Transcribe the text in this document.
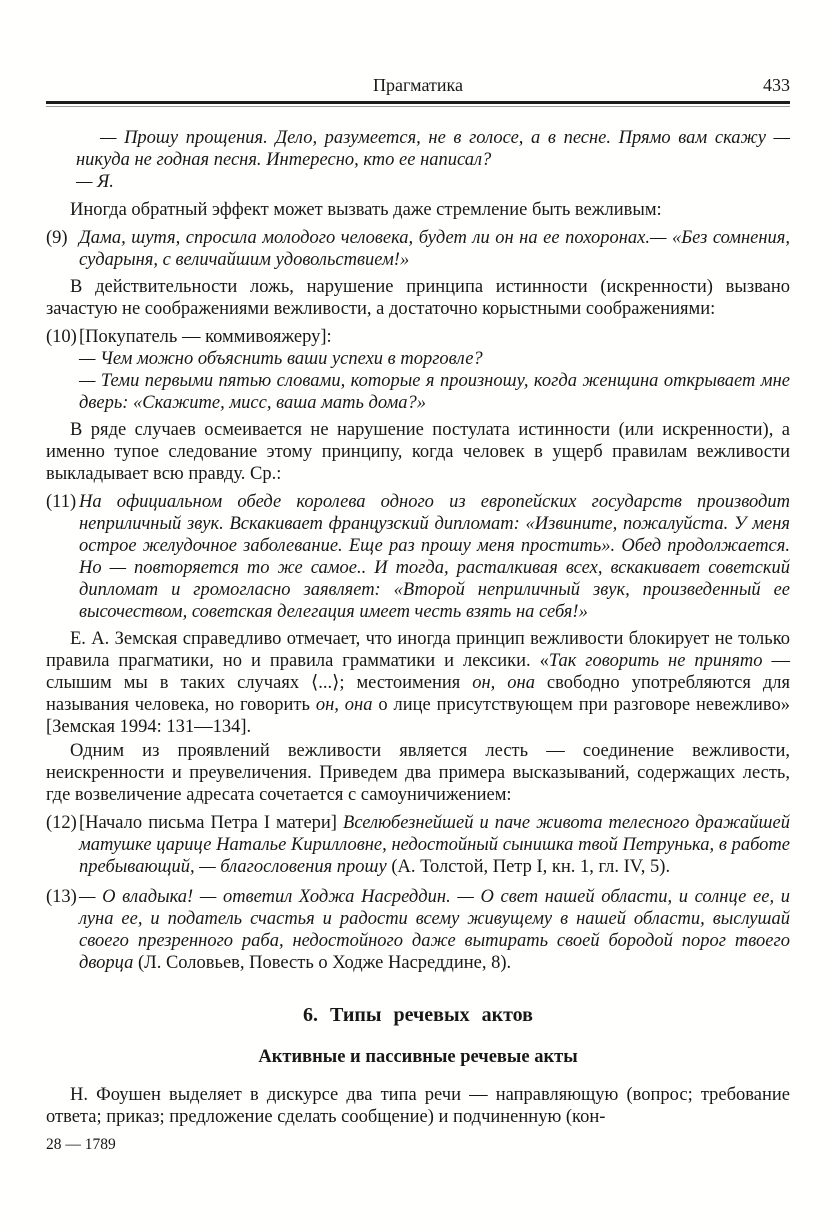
Прагматика	433

— Прошу прощения. Дело, разумеется, не в голосе, а в песне. Прямо вам скажу — никуда не годная песня. Интересно, кто ее написал?

— Я.

Иногда обратный эффект может вызвать даже стремление быть вежливым:

(9) Дама, шутя, спросила молодого человека, будет ли он на ее похоронах.— «Без сомнения, сударыня, с величайшим удовольствием!»

В действительности ложь, нарушение принципа истинности (искренности) вызвано зачастую не соображениями вежливости, а достаточно корыстными соображениями:

(10) [Покупатель — коммивояжеру]:

— Чем можно объяснить ваши успехи в торговле?

— Теми первыми пятью словами, которые я произношу, когда женщина открывает мне дверь: «Скажите, мисс, ваша мать дома?»

В ряде случаев осмеивается не нарушение постулата истинности (или искренности), а именно тупое следование этому принципу, когда человек в ущерб правилам вежливости выкладывает всю правду. Ср.:

(11) На официальном обеде королева одного из европейских государств производит неприличный звук. Вскакивает французский дипломат: «Извините, пожалуйста. У меня острое желудочное заболевание. Еще раз прошу меня простить». Обед продолжается. Но — повторяется то же самое.. И тогда, расталкивая всех, вскакивает советский дипломат и громогласно заявляет: «Второй неприличный звук, произведенный ее высочеством, советская делегация имеет честь взять на себя!»

Е. А. Земская справедливо отмечает, что иногда принцип вежливости блокирует не только правила прагматики, но и правила грамматики и лексики. «Так говорить не принято — слышим мы в таких случаях ⟨...⟩; местоимения он, она свободно употребляются для называния человека, но говорить он, она о лице присутствующем при разговоре невежливо» [Земская 1994: 131—134].

Одним из проявлений вежливости является лесть — соединение вежливости, неискренности и преувеличения. Приведем два примера высказываний, содержащих лесть, где возвеличение адресата сочетается с самоуничижением:

(12) [Начало письма Петра I матери] Вселюбезнейшей и паче живота телесного дражайшей матушке царице Наталье Кирилловне, недостойный сынишка твой Петрунька, в работе пребывающий, — благословения прошу (А. Толстой, Петр I, кн. 1, гл. IV, 5).

(13) — О владыка! — ответил Ходжа Насреддин. — О свет нашей области, и солнце ее, и луна ее, и податель счастья и радости всему живущему в нашей области, выслушай своего презренного раба, недостойного даже вытирать своей бородой порог твоего дворца (Л. Соловьев, Повесть о Ходже Насреддине, 8).

6. Типы речевых актов

Активные и пассивные речевые акты

Н. Фоушен выделяет в дискурсе два типа речи — направляющую (вопрос; требование ответа; приказ; предложение сделать сообщение) и подчиненную (кон-

28 — 1789
